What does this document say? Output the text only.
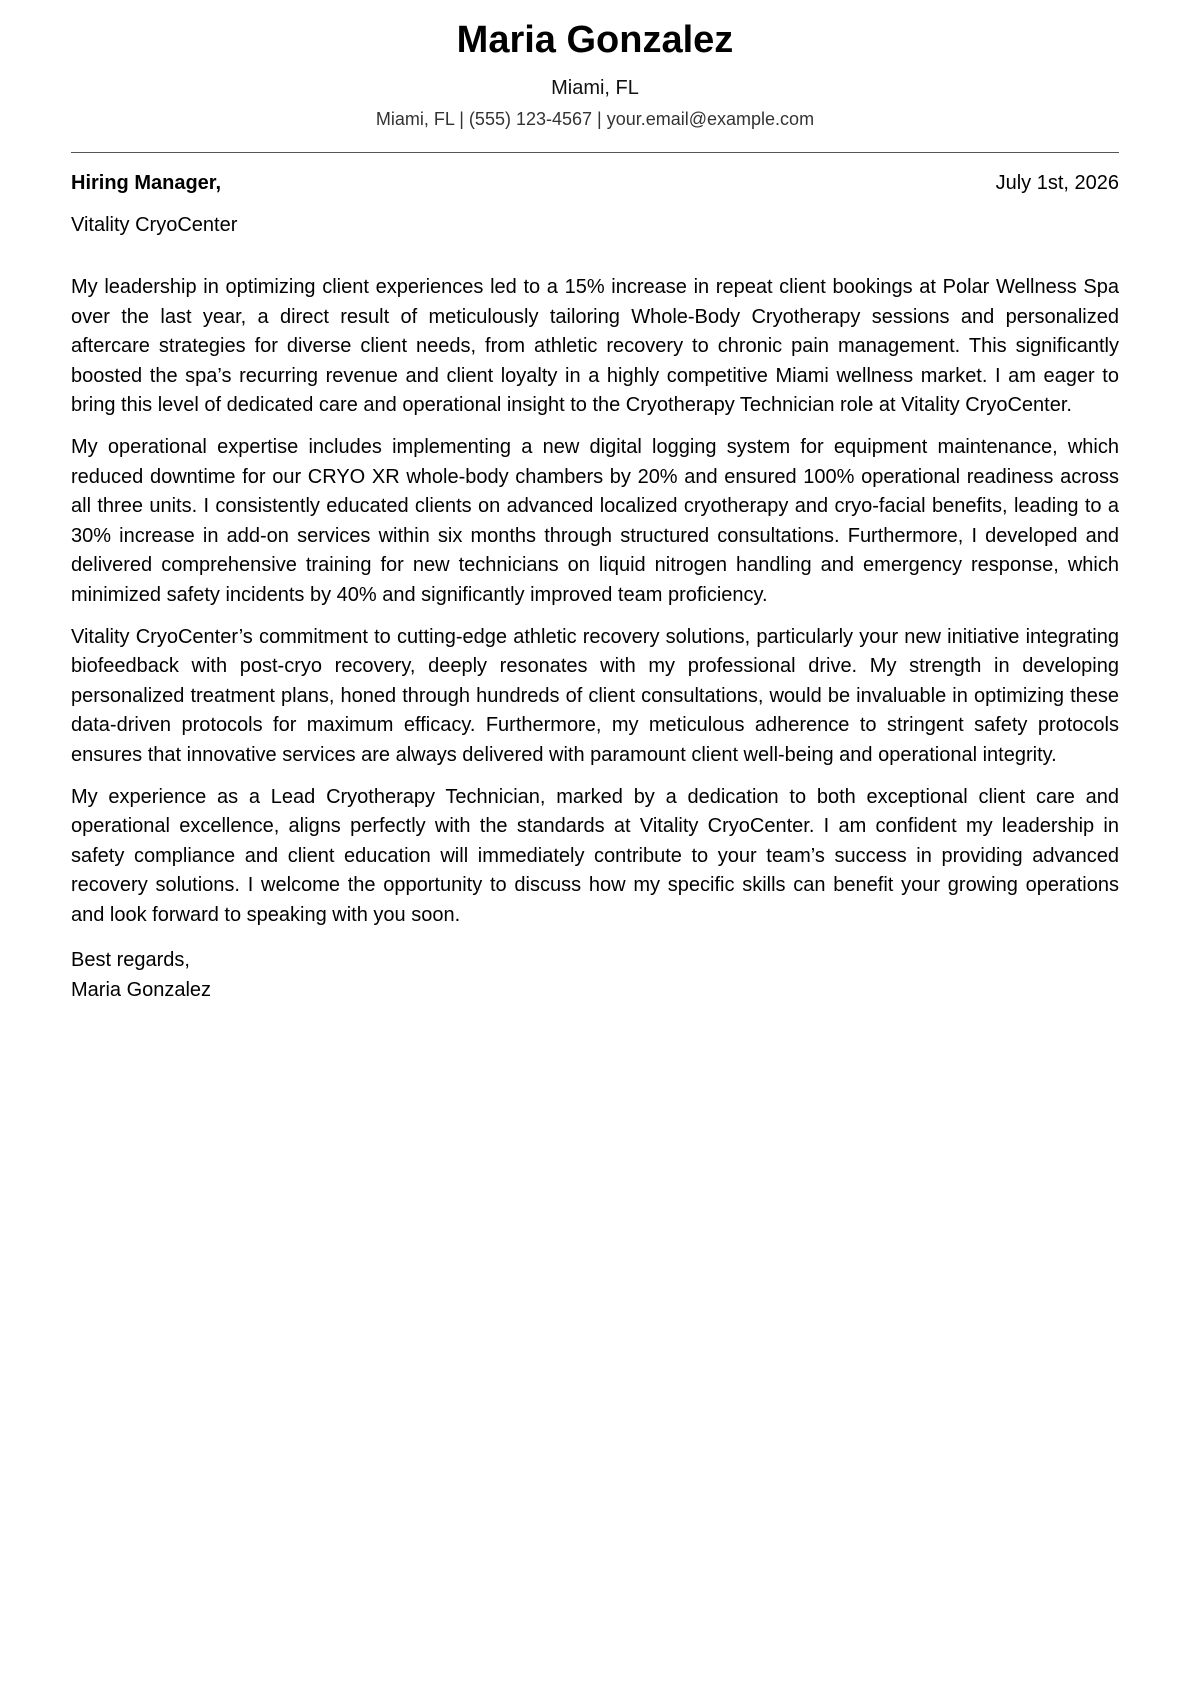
Maria Gonzalez
Miami, FL
Miami, FL | (555) 123-4567 | your.email@example.com
Hiring Manager,	July 1st, 2026
Vitality CryoCenter

My leadership in optimizing client experiences led to a 15% increase in repeat client bookings at Polar Wellness Spa over the last year, a direct result of meticulously tailoring Whole-Body Cryotherapy sessions and personalized aftercare strategies for diverse client needs, from athletic recovery to chronic pain management. This significantly boosted the spa’s recurring revenue and client loyalty in a highly competitive Miami wellness market. I am eager to bring this level of dedicated care and operational insight to the Cryotherapy Technician role at Vitality CryoCenter.

My operational expertise includes implementing a new digital logging system for equipment maintenance, which reduced downtime for our CRYO XR whole-body chambers by 20% and ensured 100% operational readiness across all three units. I consistently educated clients on advanced localized cryotherapy and cryo-facial benefits, leading to a 30% increase in add-on services within six months through structured consultations. Furthermore, I developed and delivered comprehensive training for new technicians on liquid nitrogen handling and emergency response, which minimized safety incidents by 40% and significantly improved team proficiency.

Vitality CryoCenter’s commitment to cutting-edge athletic recovery solutions, particularly your new initiative integrating biofeedback with post-cryo recovery, deeply resonates with my professional drive. My strength in developing personalized treatment plans, honed through hundreds of client consultations, would be invaluable in optimizing these data-driven protocols for maximum efficacy. Furthermore, my meticulous adherence to stringent safety protocols ensures that innovative services are always delivered with paramount client well-being and operational integrity.

My experience as a Lead Cryotherapy Technician, marked by a dedication to both exceptional client care and operational excellence, aligns perfectly with the standards at Vitality CryoCenter. I am confident my leadership in safety compliance and client education will immediately contribute to your team’s success in providing advanced recovery solutions. I welcome the opportunity to discuss how my specific skills can benefit your growing operations and look forward to speaking with you soon.

Best regards,
Maria Gonzalez
